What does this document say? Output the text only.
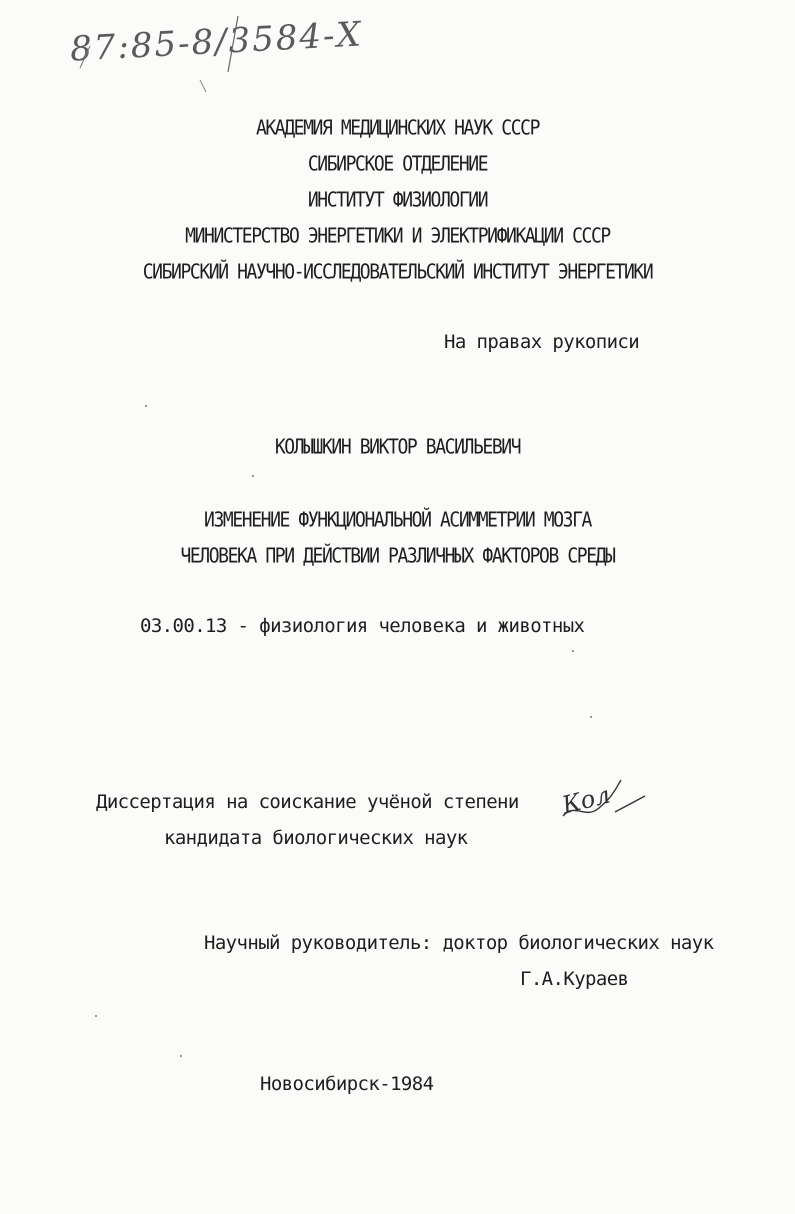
87:85-8/3584-Х
АКАДЕМИЯ МЕДИЦИНСКИХ НАУК СССР
СИБИРСКОЕ ОТДЕЛЕНИЕ
ИНСТИТУТ ФИЗИОЛОГИИ
МИНИСТЕРСТВО ЭНЕРГЕТИКИ И ЭЛЕКТРИФИКАЦИИ СССР
СИБИРСКИЙ НАУЧНО-ИССЛЕДОВАТЕЛЬСКИЙ ИНСТИТУТ ЭНЕРГЕТИКИ
На правах рукописи
КОЛЫШКИН ВИКТОР ВАСИЛЬЕВИЧ
ИЗМЕНЕНИЕ ФУНКЦИОНАЛЬНОЙ АСИММЕТРИИ МОЗГА
ЧЕЛОВЕКА ПРИ ДЕЙСТВИИ РАЗЛИЧНЫХ ФАКТОРОВ СРЕДЫ
03.00.13 - физиология человека и животных
Диссертация на соискание учёной степени
кандидата биологических наук
Кол
Научный руководитель: доктор биологических наук
Г.А.Кураев
Новосибирск-1984
